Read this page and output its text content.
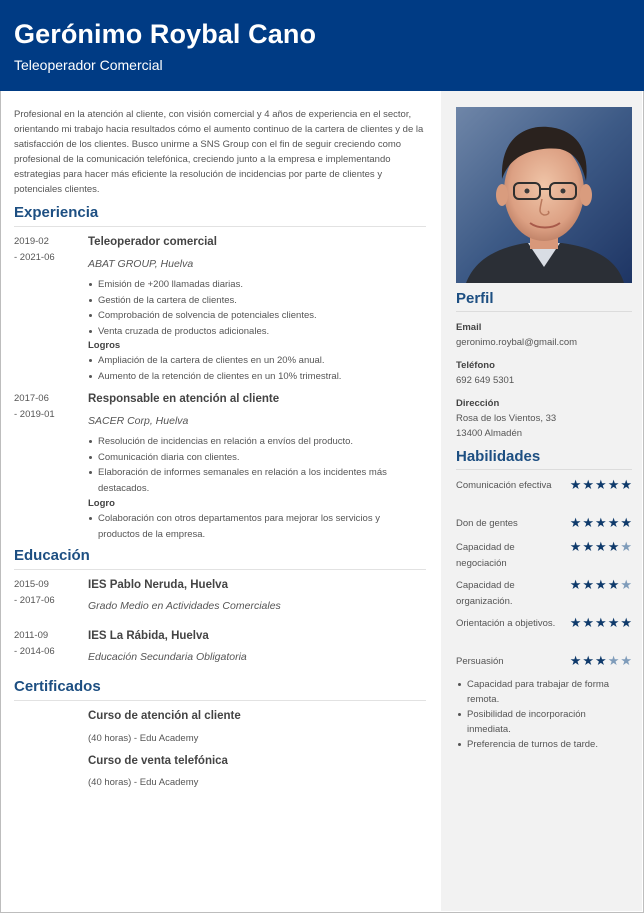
Gerónimo Roybal Cano
Teleoperador Comercial
Profesional en la atención al cliente, con visión comercial y 4 años de experiencia en el sector, orientando mi trabajo hacia resultados cómo el aumento continuo de la cartera de clientes y de la satisfacción de los clientes. Busco unirme a SNS Group con el fin de seguir creciendo como profesional de la comunicación telefónica, creciendo junto a la empresa e implementando estrategias para hacer más eficiente la resolución de incidencias por parte de clientes y potenciales clientes.
Experiencia
2019-02
- 2021-06
Teleoperador comercial
ABAT GROUP, Huelva
Emisión de +200 llamadas diarias.
Gestión de la cartera de clientes.
Comprobación de solvencia de potenciales clientes.
Venta cruzada de productos adicionales.
Logros
Ampliación de la cartera de clientes en un 20% anual.
Aumento de la retención de clientes en un 10% trimestral.
2017-06
- 2019-01
Responsable en atención al cliente
SACER Corp, Huelva
Resolución de incidencias en relación a envíos del producto.
Comunicación diaria con clientes.
Elaboración de informes semanales en relación a los incidentes más destacados.
Logro
Colaboración con otros departamentos para mejorar los servicios y productos de la empresa.
Educación
2015-09
- 2017-06
IES Pablo Neruda, Huelva
Grado Medio en Actividades Comerciales
2011-09
- 2014-06
IES La Rábida, Huelva
Educación Secundaria Obligatoria
Certificados
Curso de atención al cliente
(40 horas) - Edu Academy
Curso de venta telefónica
(40 horas) - Edu Academy
Perfil
Email
geronimo.roybal@gmail.com
Teléfono
692 649 5301
Dirección
Rosa de los Vientos, 33
13400 Almadén
Habilidades
Comunicación efectiva	★ ★ ★ ★ ★
Don de gentes	★ ★ ★ ★ ★
Capacidad de negociación
★ ★ ★ ★ ★
Capacidad de organización.
★ ★ ★ ★ ★
Orientación a objetivos. ★ ★ ★ ★ ★
Persuasión	★ ★ ★ ★ ★
Capacidad para trabajar de forma remota.
Posibilidad de incorporación inmediata.
Preferencia de turnos de tarde.
